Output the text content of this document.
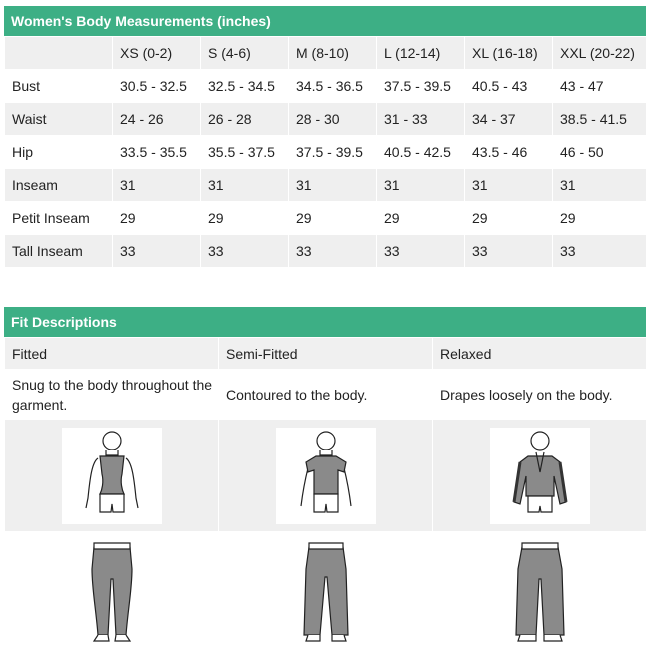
Women's Body Measurements (inches)
	XS (0-2)	S (4-6)	M (8-10)	L (12-14)	XL (16-18)	XXL (20-22)
Bust	30.5 - 32.5	32.5 - 34.5	34.5 - 36.5	37.5 - 39.5	40.5 - 43	43 - 47
Waist	24 - 26	26 - 28	28 - 30	31 - 33	34 - 37	38.5 - 41.5
Hip	33.5 - 35.5	35.5 - 37.5	37.5 - 39.5	40.5 - 42.5	43.5 - 46	46 - 50
Inseam	31	31	31	31	31	31
Petit Inseam	29	29	29	29	29	29
Tall Inseam	33	33	33	33	33	33
Fit Descriptions
Fitted	Semi-Fitted	Relaxed
Snug to the body throughout the garment.	Contoured to the body.	Drapes loosely on the body.
